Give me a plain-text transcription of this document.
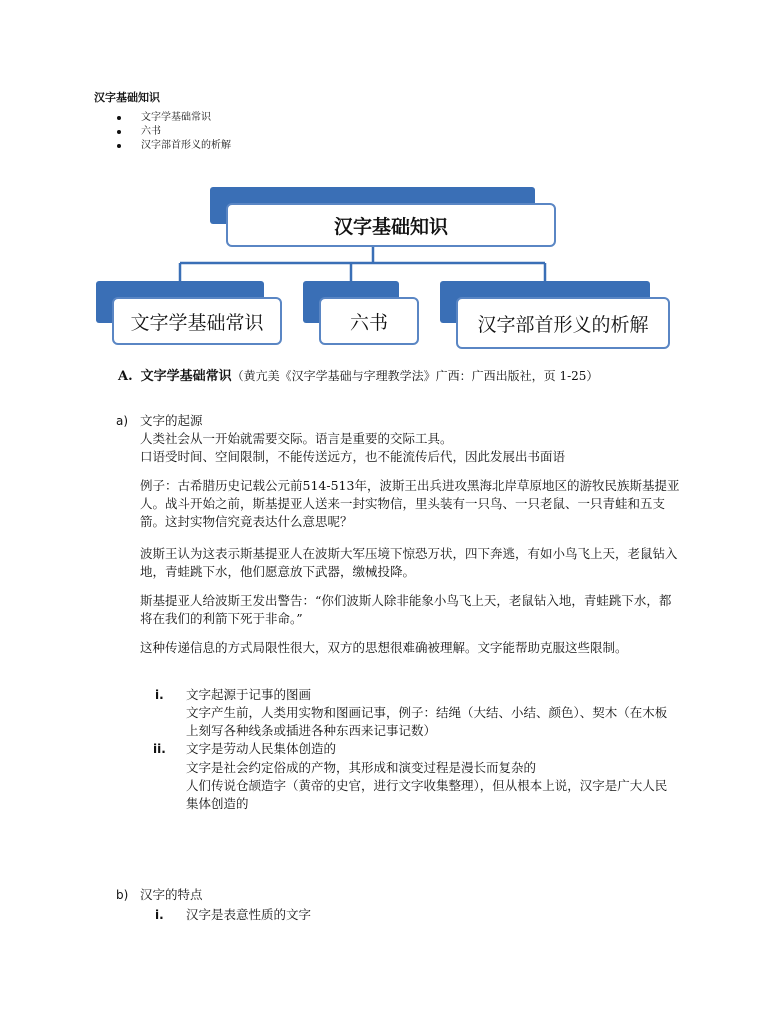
汉字基础知识
文字学基础常识
六书
汉字部首形义的析解
汉字基础知识
文字学基础常识	六书	汉字部首形义的析解
A. 文字学基础常识（黄亢美《汉字学基础与字理教学法》广西：广西出版社，页 1-25）
a) 文字的起源
人类社会从一开始就需要交际。语言是重要的交际工具。
口语受时间、空间限制，不能传送远方，也不能流传后代，因此发展出书面语
例子：古希腊历史记载公元前514-513年，波斯王出兵进攻黑海北岸草原地区的游牧民族斯基提亚人。战斗开始之前，斯基提亚人送来一封实物信，里头装有一只鸟、一只老鼠、一只青蛙和五支箭。这封实物信究竟表达什么意思呢？
波斯王认为这表示斯基提亚人在波斯大军压境下惊恐万状，四下奔逃，有如小鸟飞上天，老鼠钻入地，青蛙跳下水，他们愿意放下武器，缴械投降。
斯基提亚人给波斯王发出警告：“你们波斯人除非能象小鸟飞上天，老鼠钻入地，青蛙跳下水，都将在我们的利箭下死于非命。”
这种传递信息的方式局限性很大，双方的思想很难确被理解。文字能帮助克服这些限制。
i. 文字起源于记事的图画
文字产生前，人类用实物和图画记事，例子：结绳（大结、小结、颜色）、契木（在木板上刻写各种线条或插进各种东西来记事记数）
ii. 文字是劳动人民集体创造的
文字是社会约定俗成的产物，其形成和演变过程是漫长而复杂的
人们传说仓颉造字（黄帝的史官，进行文字收集整理），但从根本上说，汉字是广大人民集体创造的
b) 汉字的特点
i. 汉字是表意性质的文字
